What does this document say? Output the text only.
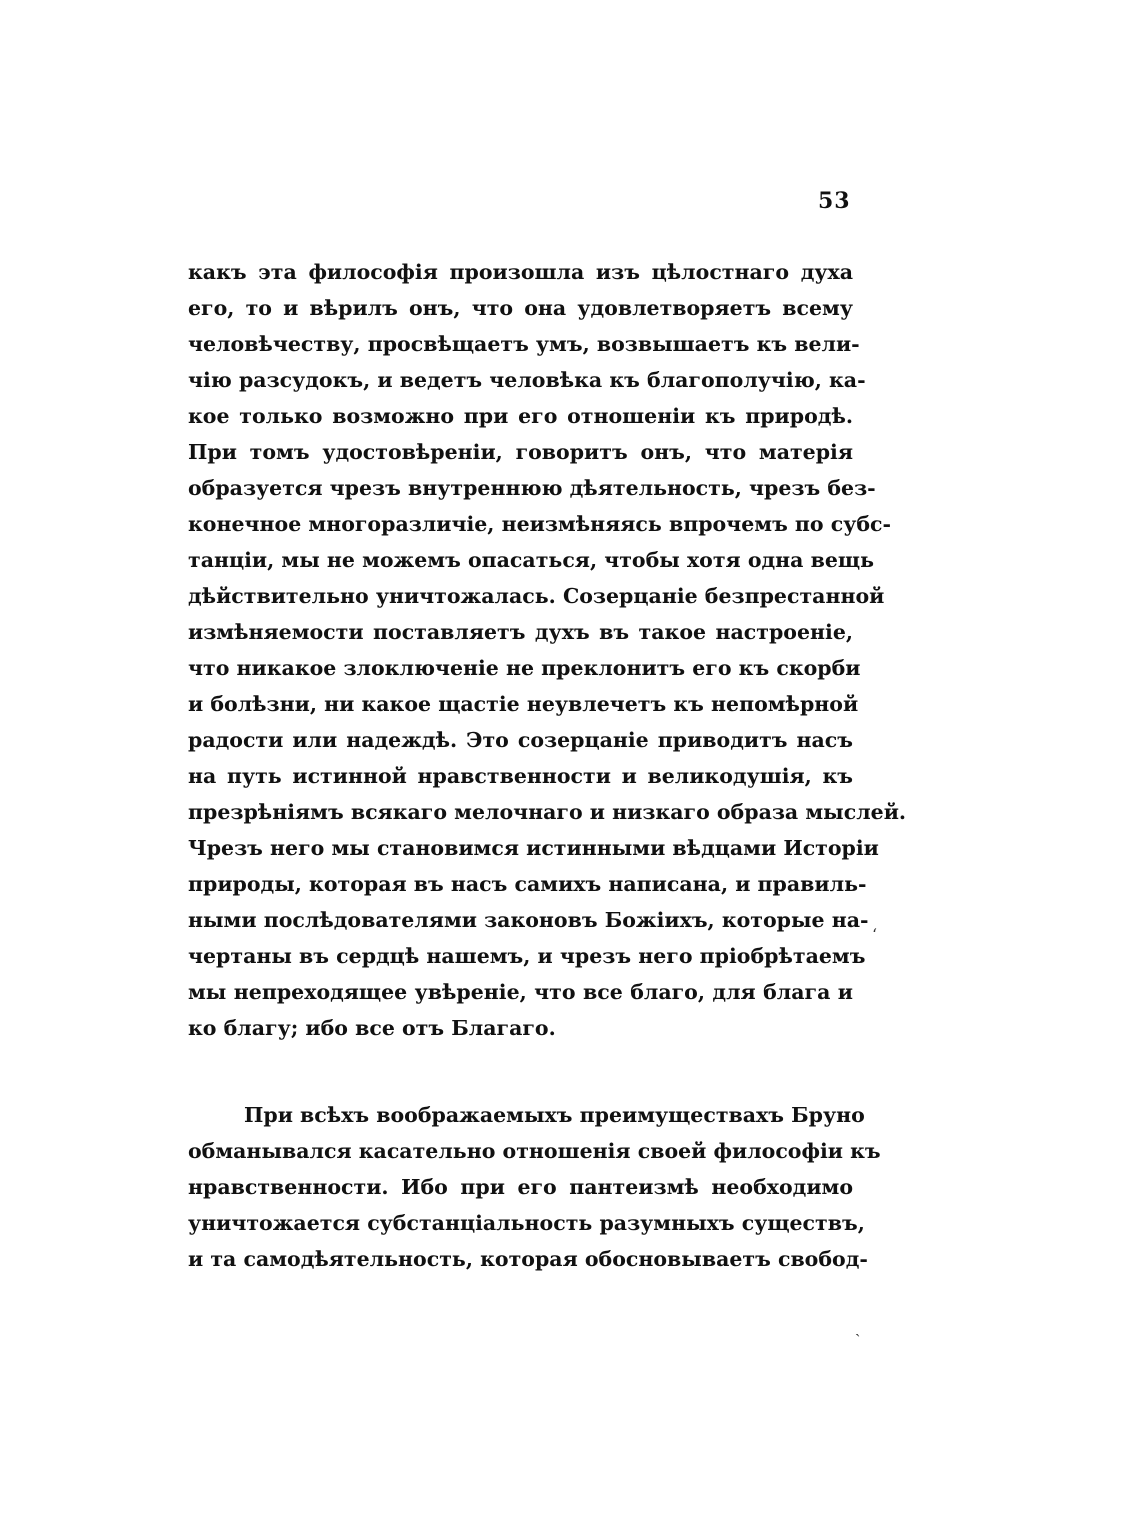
53
какъ эта философія произошла изъ цѣлостнаго духа
его, то и вѣрилъ онъ, что она удовлетворяетъ всему
человѣчеству, просвѣщаетъ умъ, возвышаетъ къ вели-
чію разсудокъ, и ведетъ человѣка къ благополучію, ка-
кое только возможно при его отношеніи къ природѣ.
При томъ удостовѣреніи, говоритъ онъ, что матерія
образуется чрезъ внутреннюю дѣятельность, чрезъ без-
конечное многоразличіе, неизмѣняясь впрочемъ по субс-
танціи, мы не можемъ опасаться, чтобы хотя одна вещь
дѣйствительно уничтожалась. Созерцаніе безпрестанной
измѣняемости поставляетъ духъ въ такое настроеніе,
что никакое злоключеніе не преклонитъ его къ скорби
и болѣзни, ни какое щастіе неувлечетъ къ непомѣрной
радости или надеждѣ. Это созерцаніе приводитъ насъ
на путь истинной нравственности и великодушія, къ
презрѣніямъ всякаго мелочнаго и низкаго образа мыслей.
Чрезъ него мы становимся истинными вѣдцами Исторіи
природы, которая въ насъ самихъ написана, и правиль-
ными послѣдователями законовъ Божіихъ, которые на-
чертаны въ сердцѣ нашемъ, и чрезъ него пріобрѣтаемъ
мы непреходящее увѣреніе, что все благо, для блага и
ко благу; ибо все отъ Благаго.
При всѣхъ воображаемыхъ преимуществахъ Бруно
обманывался касательно отношенія своей философіи къ
нравственности. Ибо при его пантеизмѣ необходимо
уничтожается субстанціальность разумныхъ существъ,
и та самодѣятельность, которая обосновываетъ свобод-
ʻ
ˏ
